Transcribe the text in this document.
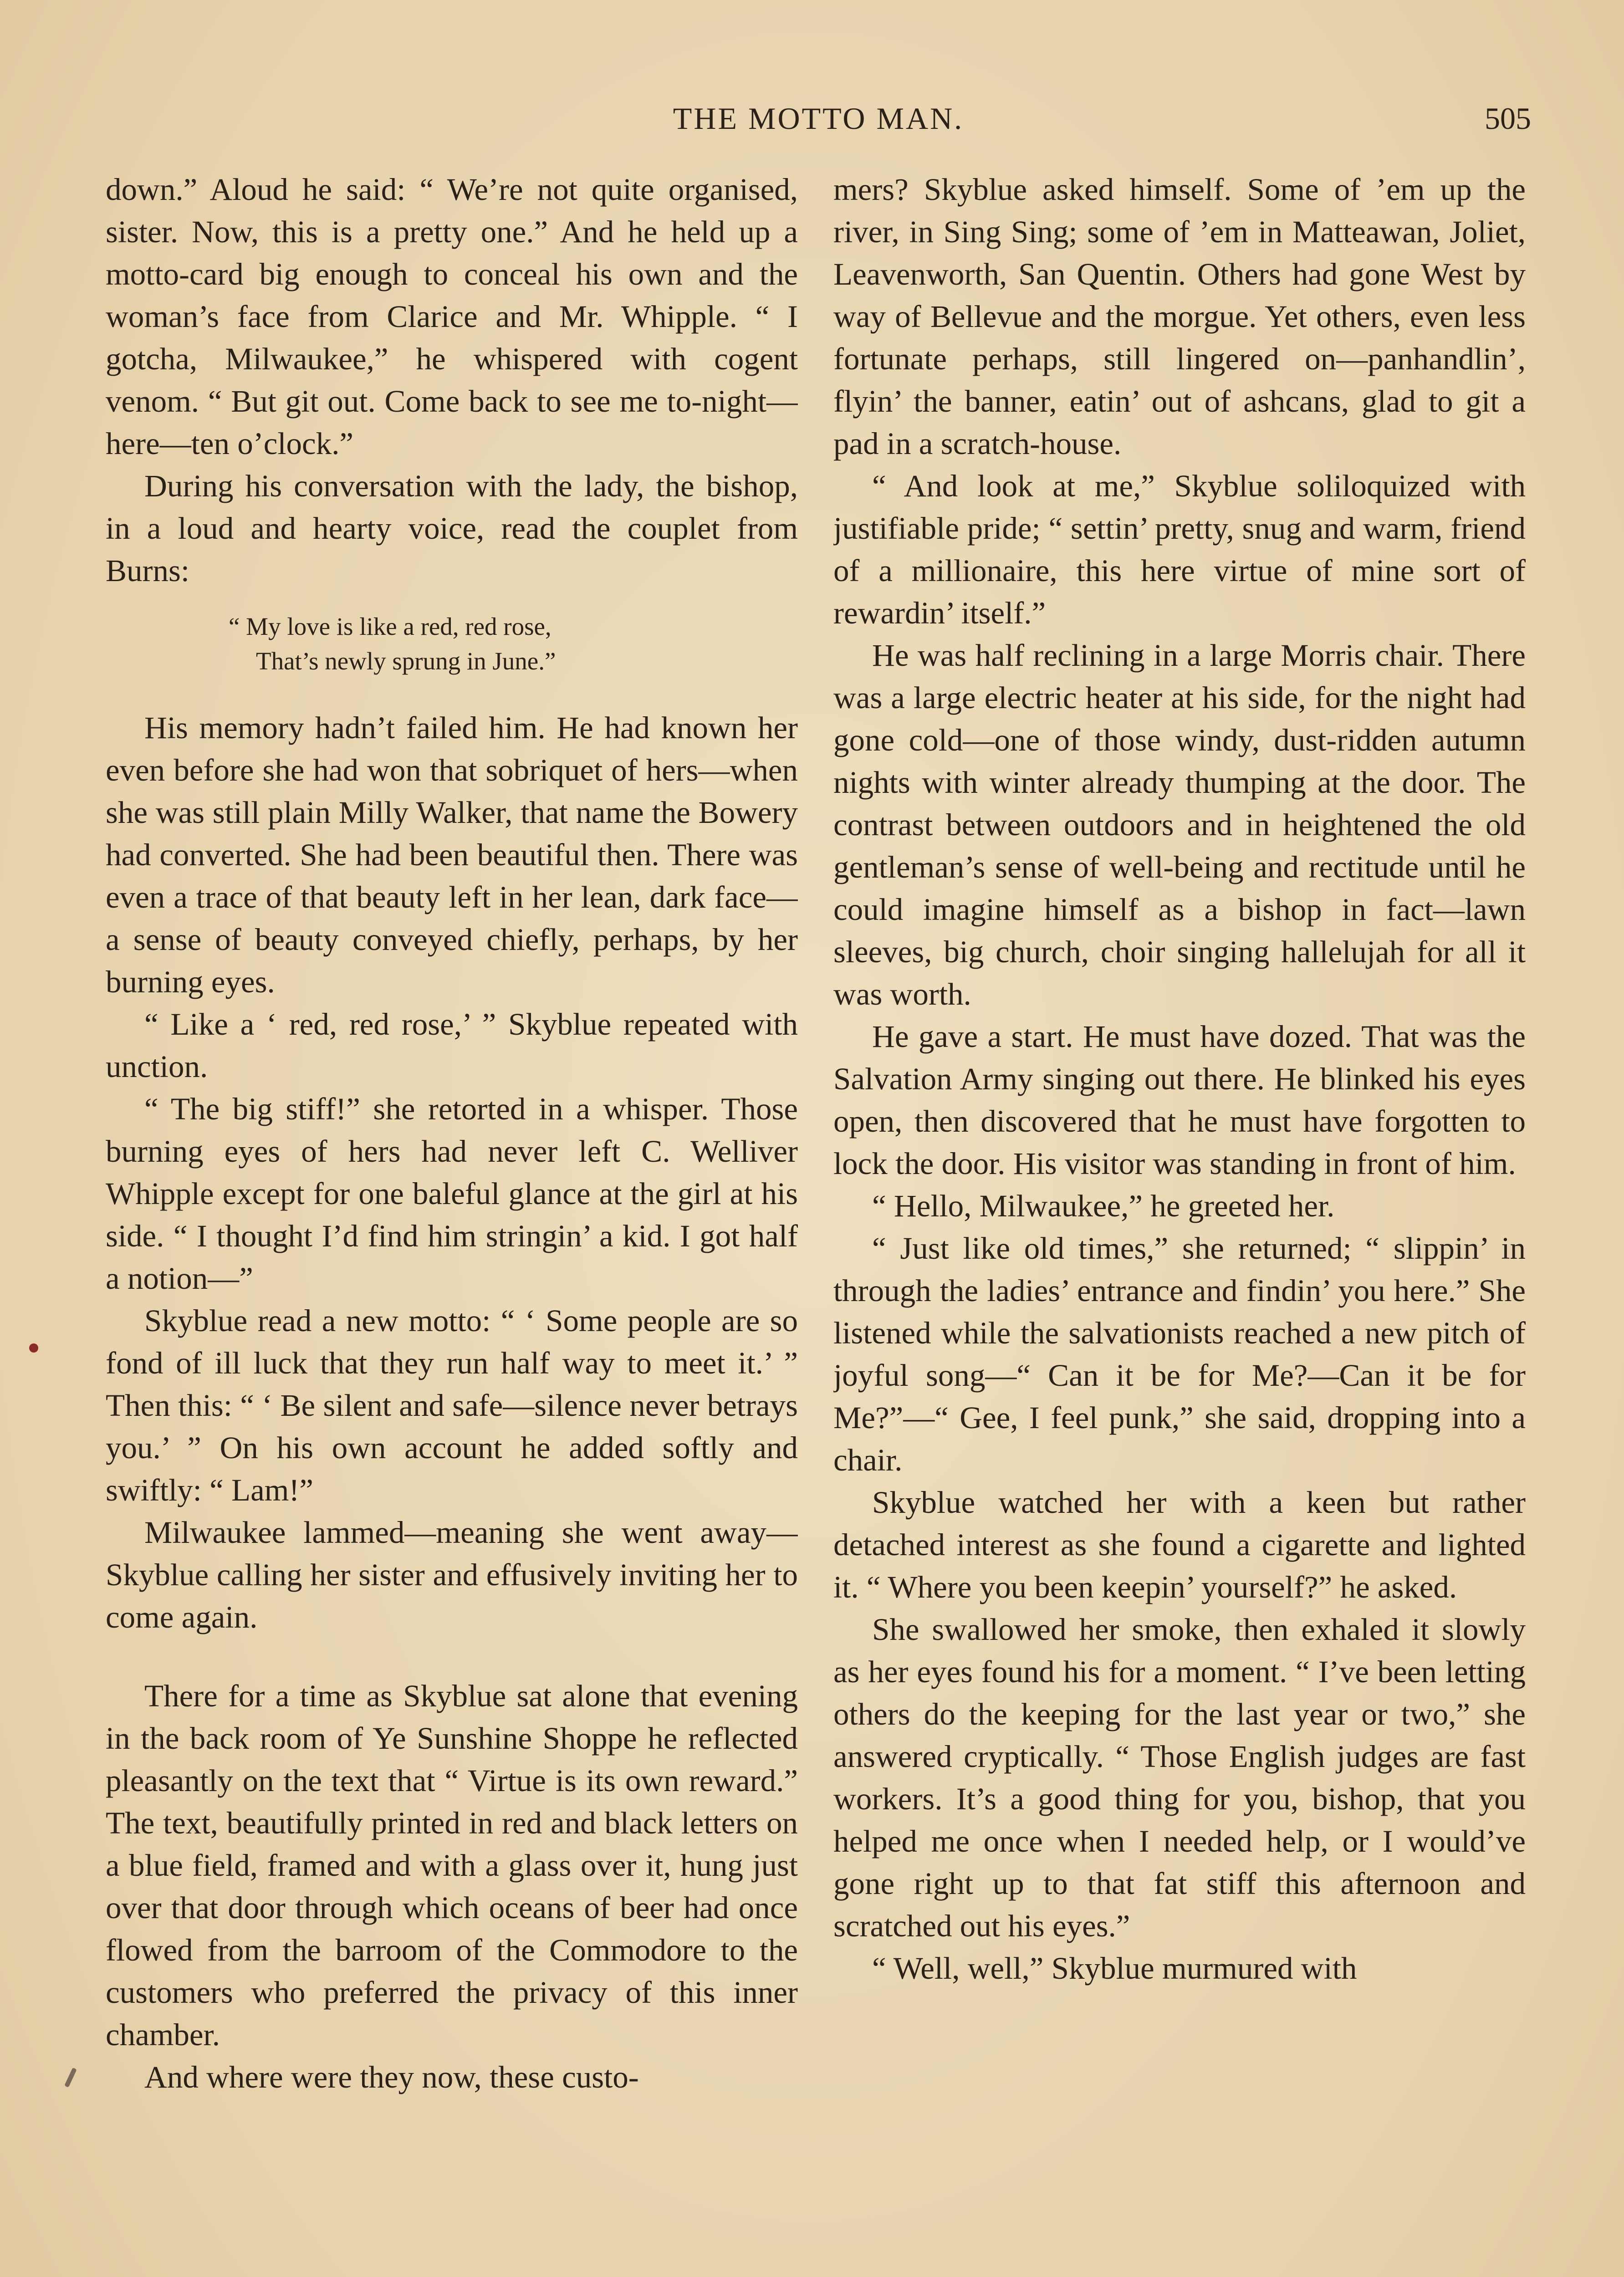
THE MOTTO MAN.	505

down.” Aloud he said: “ We’re not quite organised, sister. Now, this is a pretty one.” And he held up a motto-card big enough to conceal his own and the woman’s face from Clarice and Mr. Whipple. “ I gotcha, Milwaukee,” he whispered with cogent venom. “ But git out. Come back to see me to-night—here—ten o’clock.”

During his conversation with the lady, the bishop, in a loud and hearty voice, read the couplet from Burns:

“ My love is like a red, red rose,
That’s newly sprung in June.”

His memory hadn’t failed him. He had known her even before she had won that sobriquet of hers—when she was still plain Milly Walker, that name the Bowery had converted. She had been beautiful then. There was even a trace of that beauty left in her lean, dark face—a sense of beauty conveyed chiefly, perhaps, by her burning eyes.

“ Like a ‘ red, red rose,’ ” Skyblue repeated with unction.

“ The big stiff!” she retorted in a whisper. Those burning eyes of hers had never left C. Welliver Whipple except for one baleful glance at the girl at his side. “ I thought I’d find him stringin’ a kid. I got half a notion—”

Skyblue read a new motto: “ ‘ Some people are so fond of ill luck that they run half way to meet it.’ ” Then this: “ ‘ Be silent and safe—silence never betrays you.’ ” On his own account he added softly and swiftly: “ Lam!”

Milwaukee lammed—meaning she went away—Skyblue calling her sister and effusively inviting her to come again.

There for a time as Skyblue sat alone that evening in the back room of Ye Sunshine Shoppe he reflected pleasantly on the text that “ Virtue is its own reward.” The text, beautifully printed in red and black letters on a blue field, framed and with a glass over it, hung just over that door through which oceans of beer had once flowed from the barroom of the Commodore to the customers who preferred the privacy of this inner chamber.

And where were they now, these custo-

mers? Skyblue asked himself. Some of ’em up the river, in Sing Sing; some of ’em in Matteawan, Joliet, Leavenworth, San Quentin. Others had gone West by way of Bellevue and the morgue. Yet others, even less fortunate perhaps, still lingered on—panhandlin’, flyin’ the banner, eatin’ out of ashcans, glad to git a pad in a scratch-house.

“ And look at me,” Skyblue soliloquized with justifiable pride; “ settin’ pretty, snug and warm, friend of a millionaire, this here virtue of mine sort of rewardin’ itself.”

He was half reclining in a large Morris chair. There was a large electric heater at his side, for the night had gone cold—one of those windy, dust-ridden autumn nights with winter already thumping at the door. The contrast between outdoors and in heightened the old gentleman’s sense of well-being and rectitude until he could imagine himself as a bishop in fact—lawn sleeves, big church, choir singing hallelujah for all it was worth.

He gave a start. He must have dozed. That was the Salvation Army singing out there. He blinked his eyes open, then discovered that he must have forgotten to lock the door. His visitor was standing in front of him.

“ Hello, Milwaukee,” he greeted her.

“ Just like old times,” she returned; “ slippin’ in through the ladies’ entrance and findin’ you here.” She listened while the salvationists reached a new pitch of joyful song—“ Can it be for Me?—Can it be for Me?”—“ Gee, I feel punk,” she said, dropping into a chair.

Skyblue watched her with a keen but rather detached interest as she found a cigarette and lighted it. “ Where you been keepin’ yourself?” he asked.

She swallowed her smoke, then exhaled it slowly as her eyes found his for a moment. “ I’ve been letting others do the keeping for the last year or two,” she answered cryptically. “ Those English judges are fast workers. It’s a good thing for you, bishop, that you helped me once when I needed help, or I would’ve gone right up to that fat stiff this afternoon and scratched out his eyes.”

“ Well, well,” Skyblue murmured with
